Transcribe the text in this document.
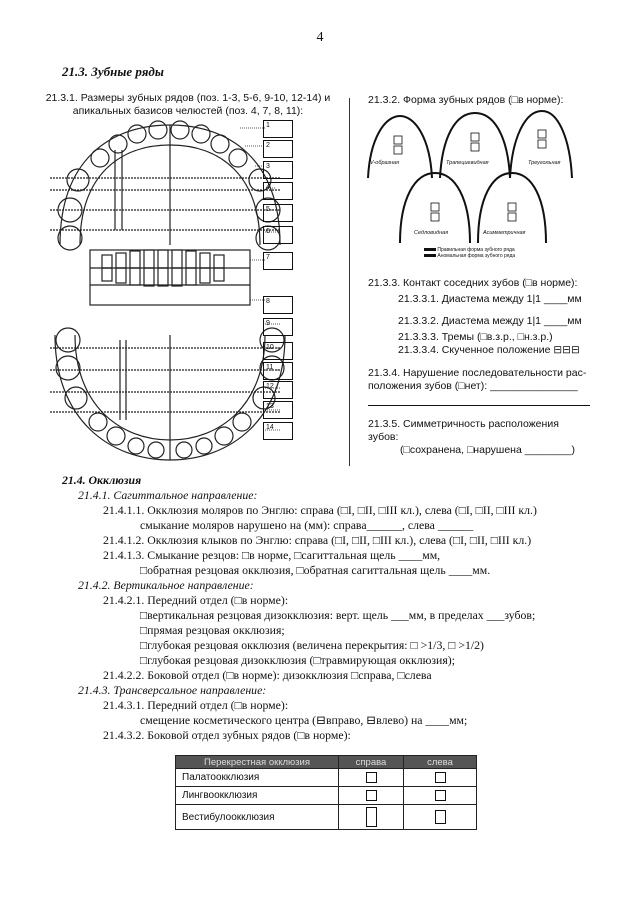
4
21.3. Зубные ряды
21.3.1. Размеры зубных рядов (поз. 1-3, 5-6, 9-10, 12-14) и
апикальных базисов челюстей (поз. 4, 7, 8, 11):
1
2
3
4
5
6
7
8
9
10
11
12
13
14
21.3.2. Форма зубных рядов (□в норме):
V-образная	Трапециевидная	Треугольная
Седловидная	Асимметричная
Правильная форма зубного ряда
Аномальная форма зубного ряда
21.3.3. Контакт соседних зубов (□в норме):
21.3.3.1. Диастема между 1|1 ____мм
21.3.3.2. Диастема между 1|1 ____мм
21.3.3.3. Тремы (□в.з.р., □н.з.р.)
21.3.3.4. Скученное положение ⊟⊟⊟
21.3.4. Нарушение последовательности рас-
положения зубов (□нет): _______________
21.3.5. Симметричность расположения
зубов:
(□сохранена, □нарушена ________)
21.4. Окклюзия
21.4.1. Сагиттальное направление:
21.4.1.1. Окклюзия моляров по Энглю: справа (□I, □II, □III кл.), слева (□I, □II, □III кл.)
смыкание моляров нарушено на (мм): справа______, слева ______
21.4.1.2. Окклюзия клыков по Энглю: справа (□I, □II, □III кл.), слева (□I, □II, □III кл.)
21.4.1.3. Смыкание резцов: □в норме, □сагиттальная щель ____мм,
□обратная резцовая окклюзия, □обратная сагиттальная щель ____мм.
21.4.2. Вертикальное направление:
21.4.2.1. Передний отдел (□в норме):
□вертикальная резцовая дизокклюзия: верт. щель ___мм, в пределах ___зубов;
□прямая резцовая окклюзия;
□глубокая резцовая окклюзия (величена перекрытия: □ >1/3, □ >1/2)
□глубокая резцовая дизокклюзия (□травмирующая окклюзия);
21.4.2.2. Боковой отдел (□в норме): дизокклюзия □справа, □слева
21.4.3. Трансверсальное направление:
21.4.3.1. Передний отдел (□в норме):
смещение косметического центра (⊟вправо, ⊟влево) на ____мм;
21.4.3.2. Боковой отдел зубных рядов (□в норме):
Перекрестная окклюзия	справа	слева
Палатоокклюзия		
Лингвоокклюзия		
Вестибулоокклюзия		
